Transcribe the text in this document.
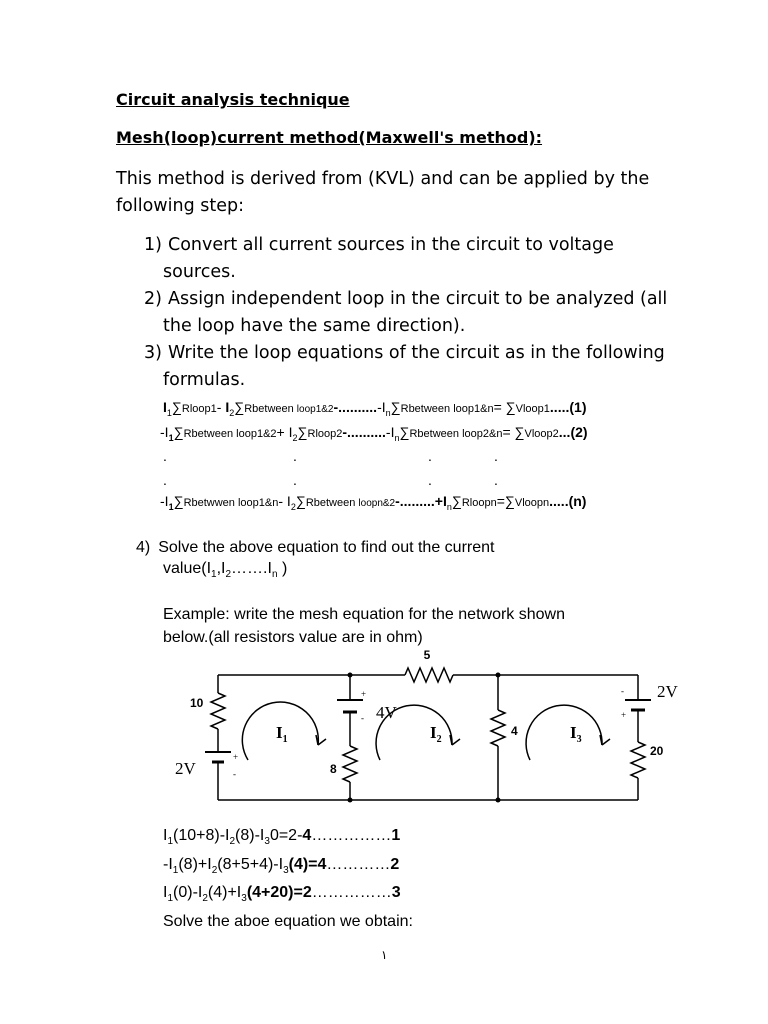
Circuit analysis technique
Mesh(loop)current method(Maxwell's method):
This method is derived from (KVL) and can be applied by the
following step:
1) Convert all current sources in the circuit to voltage
sources.
2) Assign independent loop in the circuit to be analyzed (all
the loop have the same direction).
3) Write the loop equations of the circuit as in the following
formulas.
$I_1\sum Rloop1-$ $I_2\sum Rbetween$ $loop1\&2-..........-I_n\sum Rbetween$ loop1&n= ∑Vloop1.....(1)
$-I_1\sum Rbetween$ loop1&2+ $I_2\sum Rloop2-..........-I_n\sum Rbetween$ loop2&n= ∑Vloop2...(2)
.	.	.	.
.	.	.	.
$-I_1\sum Rbetwwen$ loop1&n- $I_2\sum Rbetween$ $loopn\&2-.........+I_n\sum Rloopn=\sum Vloopn.....(n)$
4) Solve the above equation to find out the current
$value(I_1,I_2\dots\dots.I_n$ )
Example: write the mesh equation for the network shown
below.(all resistors value are in ohm)
5
10
8
4
20
2V
4V
2V
+
-
+
-
-
+
$I_1$	$I_2$	$I_3$
$I_1(10+8)-I_2(8)-I_30=2-4\dots\dots\dots\dots\dots 1$
$-I_1(8)+I_2(8+5+4)-I_3(4)=4\dots\dots\dots\dots 2$
$I_1(0)-I_2(4)+I_3(4+20)=2\dots\dots\dots\dots\dots 3$
Solve the aboe equation we obtain:
١
